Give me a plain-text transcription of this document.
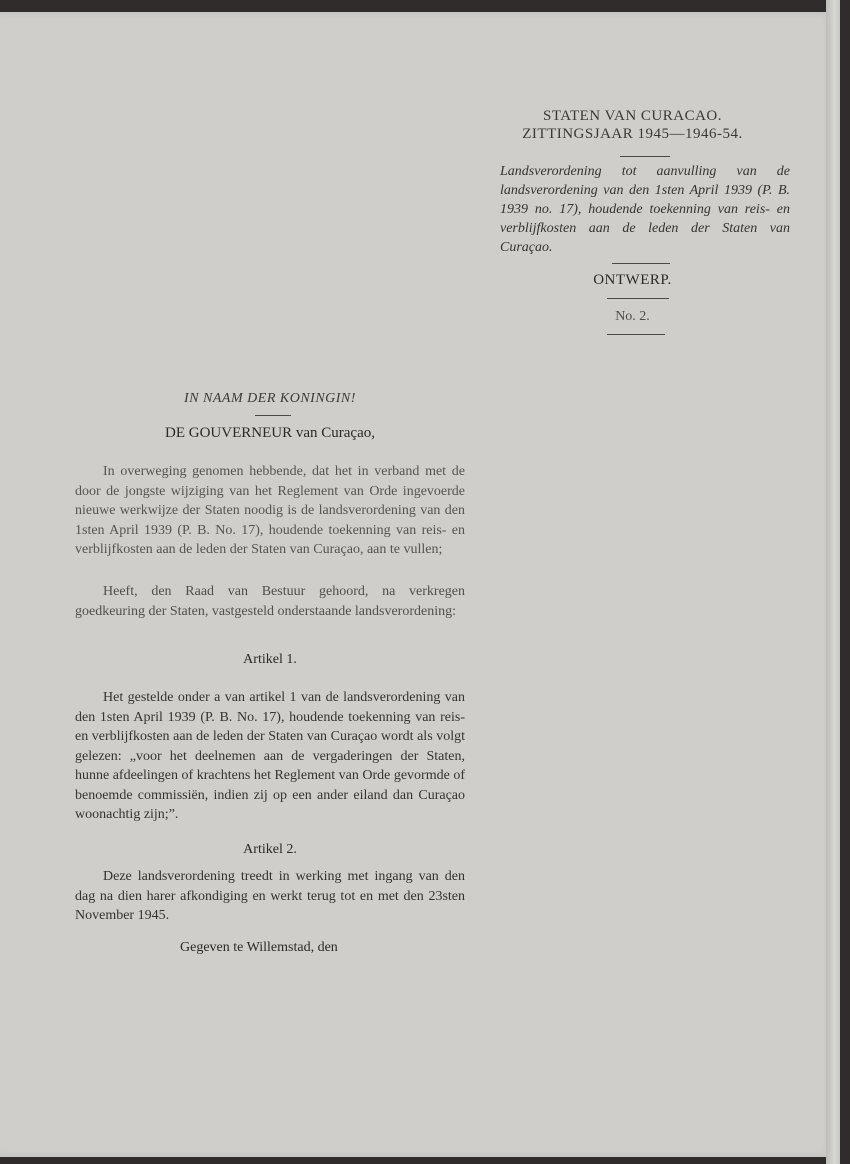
STATEN VAN CURACAO.
ZITTINGSJAAR 1945—1946-54.
Landsverordening tot aanvulling van de landsverordening van den 1sten April 1939 (P. B. 1939 no. 17), houdende toekenning van reis- en verblijfkosten aan de leden der Staten van Curaçao.
ONTWERP.
No. 2.
IN NAAM DER KONINGIN!
DE GOUVERNEUR van Curaçao,
In overweging genomen hebbende, dat het in verband met de door de jongste wijziging van het Reglement van Orde ingevoerde nieuwe werkwijze der Staten noodig is de landsverordening van den 1sten April 1939 (P. B. No. 17), houdende toekenning van reis- en verblijfkosten aan de leden der Staten van Curaçao, aan te vullen;
Heeft, den Raad van Bestuur gehoord, na verkregen goedkeuring der Staten, vastgesteld onderstaande landsverordening:
Artikel 1.
Het gestelde onder a van artikel 1 van de landsverordening van den 1sten April 1939 (P. B. No. 17), houdende toekenning van reis- en verblijfkosten aan de leden der Staten van Curaçao wordt als volgt gelezen: „voor het deelnemen aan de vergaderingen der Staten, hunne afdeelingen of krachtens het Reglement van Orde gevormde of benoemde commissiën, indien zij op een ander eiland dan Curaçao woonachtig zijn;”.
Artikel 2.
Deze landsverordening treedt in werking met ingang van den dag na dien harer afkondiging en werkt terug tot en met den 23sten November 1945.
Gegeven te Willemstad, den
